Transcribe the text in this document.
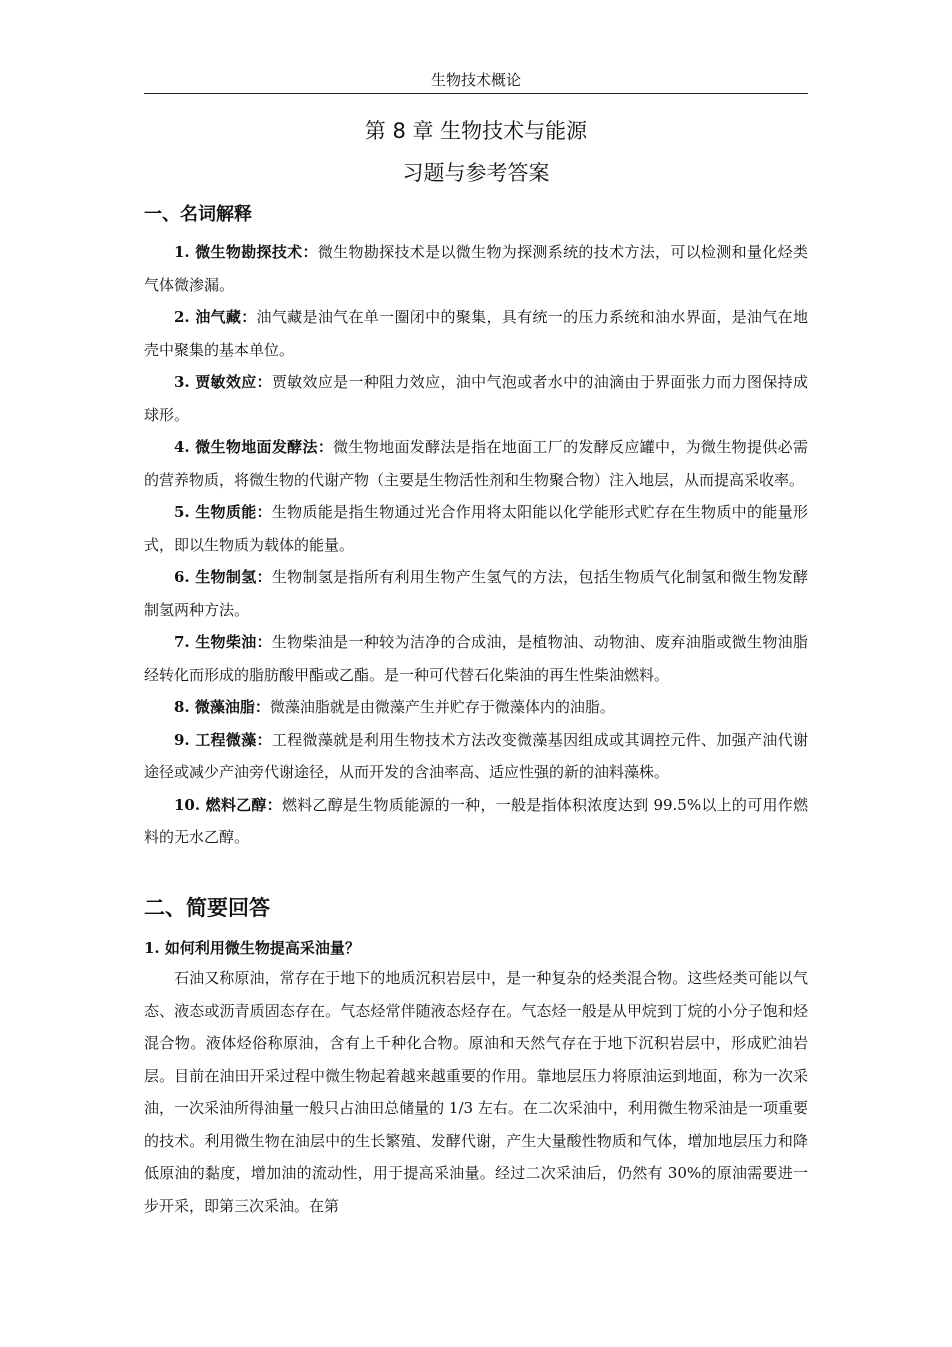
生物技术概论
第 8 章 生物技术与能源
习题与参考答案
一、名词解释

1. 微生物勘探技术：微生物勘探技术是以微生物为探测系统的技术方法，可以检测和量化烃类气体微渗漏。

2. 油气藏：油气藏是油气在单一圈闭中的聚集，具有统一的压力系统和油水界面，是油气在地壳中聚集的基本单位。

3. 贾敏效应：贾敏效应是一种阻力效应，油中气泡或者水中的油滴由于界面张力而力图保持成球形。

4. 微生物地面发酵法：微生物地面发酵法是指在地面工厂的发酵反应罐中，为微生物提供必需的营养物质，将微生物的代谢产物（主要是生物活性剂和生物聚合物）注入地层，从而提高采收率。

5. 生物质能：生物质能是指生物通过光合作用将太阳能以化学能形式贮存在生物质中的能量形式，即以生物质为载体的能量。

6. 生物制氢：生物制氢是指所有利用生物产生氢气的方法，包括生物质气化制氢和微生物发酵制氢两种方法。

7. 生物柴油：生物柴油是一种较为洁净的合成油，是植物油、动物油、废弃油脂或微生物油脂经转化而形成的脂肪酸甲酯或乙酯。是一种可代替石化柴油的再生性柴油燃料。

8. 微藻油脂：微藻油脂就是由微藻产生并贮存于微藻体内的油脂。

9. 工程微藻：工程微藻就是利用生物技术方法改变微藻基因组成或其调控元件、加强产油代谢途径或减少产油旁代谢途径，从而开发的含油率高、适应性强的新的油料藻株。

10. 燃料乙醇：燃料乙醇是生物质能源的一种，一般是指体积浓度达到 99.5%以上的可用作燃料的无水乙醇。

二、简要回答
1. 如何利用微生物提高采油量？

石油又称原油，常存在于地下的地质沉积岩层中，是一种复杂的烃类混合物。这些烃类可能以气态、液态或沥青质固态存在。气态烃常伴随液态烃存在。气态烃一般是从甲烷到丁烷的小分子饱和烃混合物。液体烃俗称原油，含有上千种化合物。原油和天然气存在于地下沉积岩层中，形成贮油岩层。目前在油田开采过程中微生物起着越来越重要的作用。靠地层压力将原油运到地面，称为一次采油，一次采油所得油量一般只占油田总储量的 1/3 左右。在二次采油中，利用微生物采油是一项重要的技术。利用微生物在油层中的生长繁殖、发酵代谢，产生大量酸性物质和气体，增加地层压力和降低原油的黏度，增加油的流动性，用于提高采油量。经过二次采油后，仍然有 30%的原油需要进一步开采，即第三次采油。在第
